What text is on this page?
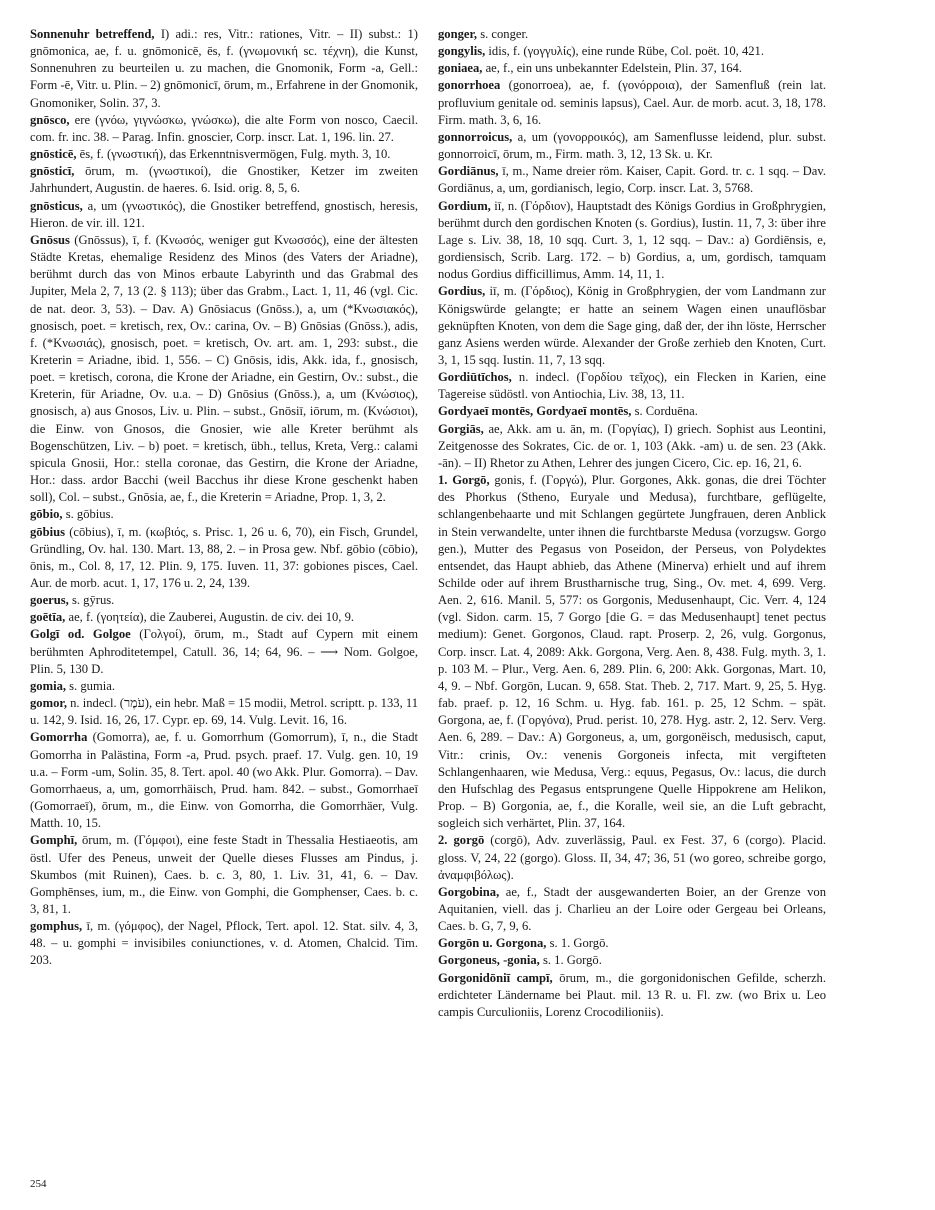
Sonnenuhr betreffend, I) adi.: res, Vitr.: rationes, Vitr. – II) subst.: 1) gnōmonica, ae, f. u. gnōmonicē, ēs, f. (γνωμονική sc. τέχνη), die Kunst, Sonnenuhren zu beurteilen u. zu machen, die Gnomonik, Form -a, Gell.: Form -ē, Vitr. u. Plin. – 2) gnōmonicī, ōrum, m., Erfahrene in der Gnomonik, Gnomoniker, Solin. 37, 3.

gnōsco, ere (γνόω, γιγνώσκω, γνώσκω), die alte Form von nosco, Caecil. com. fr. inc. 38. – Parag. Infin. gnoscier, Corp. inscr. Lat. 1, 196. lin. 27.

gnōsticē, ēs, f. (γνωστική), das Erkenntnisvermögen, Fulg. myth. 3, 10.

gnōsticī, ōrum, m. (γνωστικοί), die Gnostiker, Ketzer im zweiten Jahrhundert, Augustin. de haeres. 6. Isid. orig. 8, 5, 6.

gnōsticus, a, um (γνωστικός), die Gnostiker betreffend, gnostisch, heresis, Hieron. de vir. ill. 121.

Gnōsus (Gnōssus), ī, f. (Κνωσός, weniger gut Κνωσσός), eine der ältesten Städte Kretas, ehemalige Residenz des Minos (des Vaters der Ariadne), berühmt durch das von Minos erbaute Labyrinth und das Grabmal des Jupiter, Mela 2, 7, 13 (2. § 113); über das Grabm., Lact. 1, 11, 46 (vgl. Cic. de nat. deor. 3, 53). – Dav. A) Gnōsiacus (Gnōss.), a, um (*Κνωσιακός), gnosisch, poet. = kretisch, rex, Ov.: carina, Ov. – B) Gnōsias (Gnōss.), adis, f. (*Κνωσιάς), gnosisch, poet. = kretisch, Ov. art. am. 1, 293: subst., die Kreterin = Ariadne, ibid. 1, 556. – C) Gnōsis, idis, Akk. ida, f., gnosisch, poet. = kretisch, corona, die Krone der Ariadne, ein Gestirn, Ov.: subst., die Kreterin, für Ariadne, Ov. u.a. – D) Gnōsius (Gnōss.), a, um (Κνώσιος), gnosisch, a) aus Gnosos, Liv. u. Plin. – subst., Gnōsiī, iōrum, m. (Κνώσιοι), die Einw. von Gnosos, die Gnosier, wie alle Kreter berühmt als Bogenschützen, Liv. – b) poet. = kretisch, übh., tellus, Kreta, Verg.: calami spicula Gnosii, Hor.: stella coronae, das Gestirn, die Krone der Ariadne, Hor.: dass. ardor Bacchi (weil Bacchus ihr diese Krone geschenkt haben soll), Col. – subst., Gnōsia, ae, f., die Kreterin = Ariadne, Prop. 1, 3, 2.

gōbio, s. gōbius.

gōbius (cōbius), ī, m. (κωβιός, s. Prisc. 1, 26 u. 6, 70), ein Fisch, Grundel, Gründling, Ov. hal. 130. Mart. 13, 88, 2. – in Prosa gew. Nbf. gōbio (cōbio), ōnis, m., Col. 8, 17, 12. Plin. 9, 175. Iuven. 11, 37: gobiones pisces, Cael. Aur. de morb. acut. 1, 17, 176 u. 2, 24, 139.

goerus, s. gȳrus.

goētīa, ae, f. (γοητεία), die Zauberei, Augustin. de civ. dei 10, 9.

Golgī od. Golgoe (Γολγοί), ōrum, m., Stadt auf Cypern mit einem berühmten Aphroditetempel, Catull. 36, 14; 64, 96. – ⟶ Nom. Golgoe, Plin. 5, 130 D.

gomia, s. gumia.

gomor, n. indecl. (עֹמֶר), ein hebr. Maß = 15 modii, Metrol. scriptt. p. 133, 11 u. 142, 9. Isid. 16, 26, 17. Cypr. ep. 69, 14. Vulg. Levit. 16, 16.

Gomorrha (Gomorra), ae, f. u. Gomorrhum (Gomorrum), ī, n., die Stadt Gomorrha in Palästina, Form -a, Prud. psych. praef. 17. Vulg. gen. 10, 19 u.a. – Form -um, Solin. 35, 8. Tert. apol. 40 (wo Akk. Plur. Gomorra). – Dav. Gomorrhaeus, a, um, gomorrhäisch, Prud. ham. 842. – subst., Gomorrhaeī (Gomorraeī), ōrum, m., die Einw. von Gomorrha, die Gomorrhäer, Vulg. Matth. 10, 15.

Gomphī, ōrum, m. (Γόμφοι), eine feste Stadt in Thessalia Hestiaeotis, am östl. Ufer des Peneus, unweit der Quelle dieses Flusses am Pindus, j. Skumbos (mit Ruinen), Caes. b. c. 3, 80, 1. Liv. 31, 41, 6. – Dav. Gomphēnses, ium, m., die Einw. von Gomphi, die Gomphenser, Caes. b. c. 3, 81, 1.

gomphus, ī, m. (γόμφος), der Nagel, Pflock, Tert. apol. 12. Stat. silv. 4, 3, 48. – u. gomphi = invisibiles coniunctiones, v. d. Atomen, Chalcid. Tim. 203.

gonger, s. conger.

gongylis, idis, f. (γογγυλίς), eine runde Rübe, Col. poët. 10, 421.

goniaea, ae, f., ein uns unbekannter Edelstein, Plin. 37, 164.

gonorrhoea (gonorroea), ae, f. (γονόρροια), der Samenfluß (rein lat. profluvium genitale od. seminis lapsus), Cael. Aur. de morb. acut. 3, 18, 178. Firm. math. 3, 6, 16.

gonnorroicus, a, um (γονορροικός), am Samenflusse leidend, plur. subst. gonnorroicī, ōrum, m., Firm. math. 3, 12, 13 Sk. u. Kr.

Gordiānus, ī, m., Name dreier röm. Kaiser, Capit. Gord. tr. c. 1 sqq. – Dav. Gordiānus, a, um, gordianisch, legio, Corp. inscr. Lat. 3, 5768.

Gordium, iī, n. (Γόρδιον), Hauptstadt des Königs Gordius in Großphrygien, berühmt durch den gordischen Knoten (s. Gordius), Iustin. 11, 7, 3: über ihre Lage s. Liv. 38, 18, 10 sqq. Curt. 3, 1, 12 sqq. – Dav.: a) Gordiēnsis, e, gordiensisch, Scrib. Larg. 172. – b) Gordius, a, um, gordisch, tamquam nodus Gordius difficillimus, Amm. 14, 11, 1.

Gordius, iī, m. (Γόρδιος), König in Großphrygien, der vom Landmann zur Königswürde gelangte; er hatte an seinem Wagen einen unauflösbar geknüpften Knoten, von dem die Sage ging, daß der, der ihn löste, Herrscher ganz Asiens werden würde. Alexander der Große zerhieb den Knoten, Curt. 3, 1, 15 sqq. Iustin. 11, 7, 13 sqq.

Gordiūtīchos, n. indecl. (Γορδίου τεῖχος), ein Flecken in Karien, eine Tagereise südöstl. von Antiochia, Liv. 38, 13, 11.

Gordyaeī montēs, Gordyaeī montēs, s. Corduēna.

Gorgiās, ae, Akk. am u. ān, m. (Γοργίας), I) griech. Sophist aus Leontini, Zeitgenosse des Sokrates, Cic. de or. 1, 103 (Akk. -am) u. de sen. 23 (Akk. -ān). – II) Rhetor zu Athen, Lehrer des jungen Cicero, Cic. ep. 16, 21, 6.

1. Gorgō, gonis, f. (Γοργώ), Plur. Gorgones, Akk. gonas, die drei Töchter des Phorkus (Stheno, Euryale und Medusa), furchtbare, geflügelte, schlangenbehaarte und mit Schlangen gegürtete Jungfrauen, deren Anblick in Stein verwandelte, unter ihnen die furchtbarste Medusa (vorzugsw. Gorgo gen.), Mutter des Pegasus von Poseidon, der Perseus, von Polydektes entsendet, das Haupt abhieb, das Athene (Minerva) erhielt und auf ihrem Schilde oder auf ihrem Brustharnische trug, Sing., Ov. met. 4, 699. Verg. Aen. 2, 616. Manil. 5, 577: os Gorgonis, Medusenhaupt, Cic. Verr. 4, 124 (vgl. Sidon. carm. 15, 7 Gorgo [die G. = das Medusenhaupt] tenet pectus medium): Genet. Gorgonos, Claud. rapt. Proserp. 2, 26, vulg. Gorgonus, Corp. inscr. Lat. 4, 2089: Akk. Gorgona, Verg. Aen. 8, 438. Fulg. myth. 3, 1. p. 103 M. – Plur., Verg. Aen. 6, 289. Plin. 6, 200: Akk. Gorgonas, Mart. 10, 4, 9. – Nbf. Gorgōn, Lucan. 9, 658. Stat. Theb. 2, 717. Mart. 9, 25, 5. Hyg. fab. praef. p. 12, 16 Schm. u. Hyg. fab. 161. p. 25, 12 Schm. – spät. Gorgona, ae, f. (Γοργόνα), Prud. perist. 10, 278. Hyg. astr. 2, 12. Serv. Verg. Aen. 6, 289. – Dav.: A) Gorgoneus, a, um, gorgonëisch, medusisch, caput, Vitr.: crinis, Ov.: venenis Gorgoneis infecta, mit vergifteten Schlangenhaaren, wie Medusa, Verg.: equus, Pegasus, Ov.: lacus, die durch den Hufschlag des Pegasus entsprungene Quelle Hippokrene am Helikon, Prop. – B) Gorgonia, ae, f., die Koralle, weil sie, an die Luft gebracht, sogleich sich verhärtet, Plin. 37, 164.

2. gorgō (corgō), Adv. zuverlässig, Paul. ex Fest. 37, 6 (corgo). Placid. gloss. V, 24, 22 (gorgo). Gloss. II, 34, 47; 36, 51 (wo goreo, schreibe gorgo, ἀναμφιβόλως).

Gorgobina, ae, f., Stadt der ausgewanderten Boier, an der Grenze von Aquitanien, viell. das j. Charlieu an der Loire oder Gergeau bei Orleans, Caes. b. G, 7, 9, 6.

Gorgōn u. Gorgona, s. 1. Gorgō.

Gorgoneus, -gonia, s. 1. Gorgō.

Gorgonidōniī campī, ōrum, m., die gorgonidonischen Gefilde, scherzh. erdichteter Ländername bei Plaut. mil. 13 R. u. Fl. zw. (wo Brix u. Leo campis Curculioniis, Lorenz Crocodilioniis).

254
